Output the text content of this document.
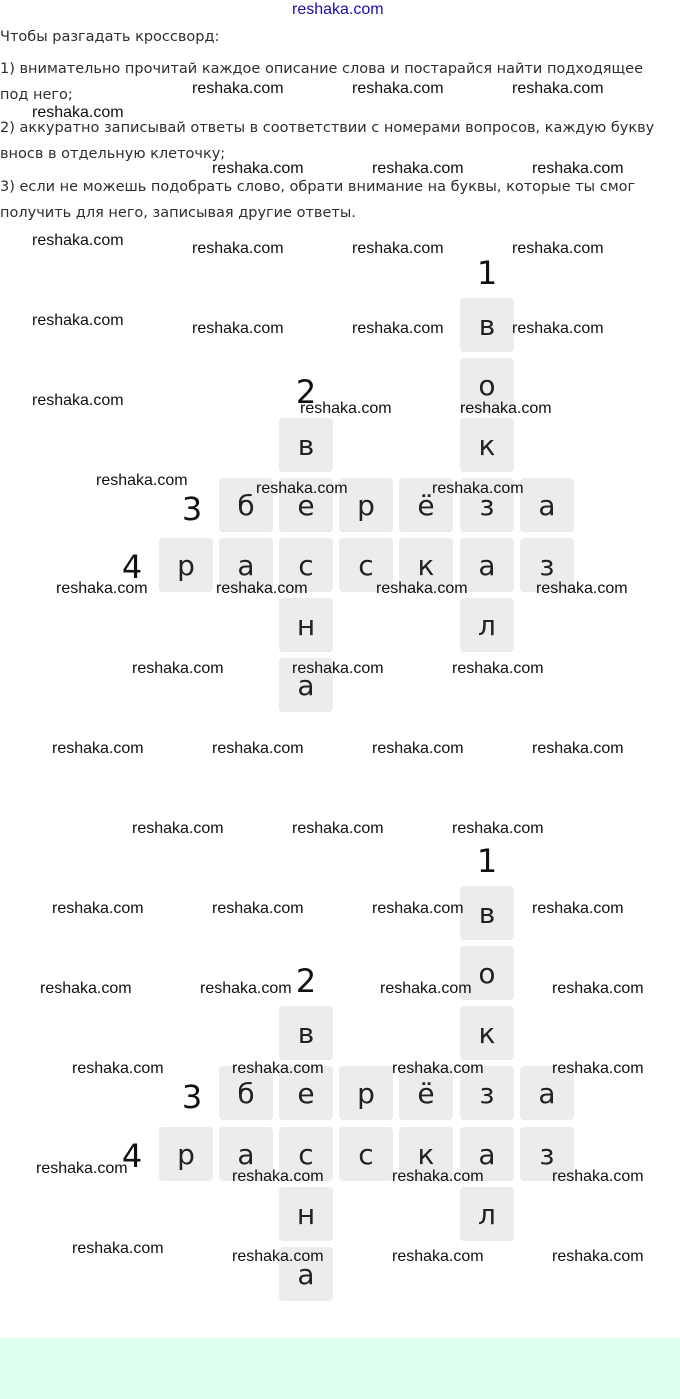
reshaka.com
Чтобы разгадать кроссворд:
1) внимательно прочитай каждое описание слова и постарайся найти подходящее под него;
2) аккуратно записывай ответы в соответствии с номерами вопросов, каждую букву вносв в отдельную клеточку;
3) если не можешь подобрать слово, обрати внимание на буквы, которые ты смог получить для него, записывая другие ответы.
1
2
3
4
в
о
к
з
а
л
в
е
с
н
а
б	р	ё	а
р	а	с	к	з
1
2
3
4
в
о
к
з
а
л
в
е
с
н
а
б	р	ё	а
р	а	с	к	з
reshaka.com	reshaka.com	reshaka.com
reshaka.com
reshaka.com	reshaka.com	reshaka.com
reshaka.com	reshaka.com	reshaka.com	reshaka.com
reshaka.com	reshaka.com	reshaka.com	reshaka.com
reshaka.com	reshaka.com	reshaka.com
reshaka.com	reshaka.com	reshaka.com
reshaka.com	reshaka.com	reshaka.com	reshaka.com
reshaka.com	reshaka.com	reshaka.com
reshaka.com	reshaka.com	reshaka.com	reshaka.com
reshaka.com	reshaka.com	reshaka.com
reshaka.com	reshaka.com	reshaka.com	reshaka.com
reshaka.com	reshaka.com	reshaka.com	reshaka.com
reshaka.com	reshaka.com	reshaka.com	reshaka.com
reshaka.com	reshaka.com	reshaka.com	reshaka.com
reshaka.com	reshaka.com	reshaka.com	reshaka.com
